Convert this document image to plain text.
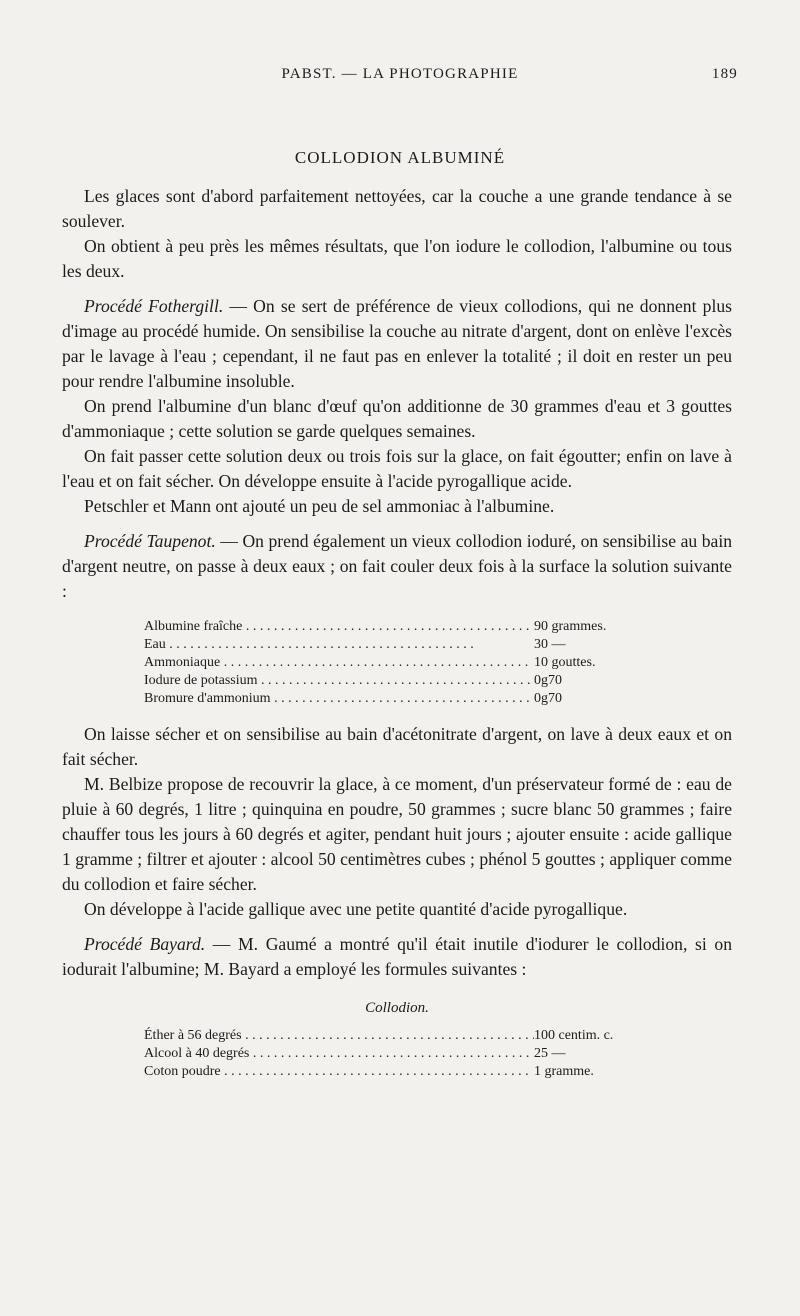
PABST. — LA PHOTOGRAPHIE	189
COLLODION ALBUMINÉ

Les glaces sont d'abord parfaitement nettoyées, car la couche a une grande tendance à se soulever.

On obtient à peu près les mêmes résultats, que l'on iodure le collodion, l'albumine ou tous les deux.

Procédé Fothergill. — On se sert de préférence de vieux collodions, qui ne donnent plus d'image au procédé humide. On sensibilise la couche au nitrate d'argent, dont on enlève l'excès par le lavage à l'eau ; cependant, il ne faut pas en enlever la totalité ; il doit en rester un peu pour rendre l'albumine insoluble.

On prend l'albumine d'un blanc d'œuf qu'on additionne de 30 grammes d'eau et 3 gouttes d'ammoniaque ; cette solution se garde quelques semaines.

On fait passer cette solution deux ou trois fois sur la glace, on fait égoutter; enfin on lave à l'eau et on fait sécher. On développe ensuite à l'acide pyrogallique acide.

Petschler et Mann ont ajouté un peu de sel ammoniac à l'albumine.

Procédé Taupenot. — On prend également un vieux collodion ioduré, on sensibilise au bain d'argent neutre, on passe à deux eaux ; on fait couler deux fois à la surface la solution suivante :

Albumine fraîche . . .	90 grammes.
Eau . . .	30 —
Ammoniaque . . .	10 gouttes.
Iodure de potassium . . .	0g70
Bromure d'ammonium . . .	0g70

On laisse sécher et on sensibilise au bain d'acétonitrate d'argent, on lave à deux eaux et on fait sécher.

M. Belbize propose de recouvrir la glace, à ce moment, d'un préservateur formé de : eau de pluie à 60 degrés, 1 litre ; quinquina en poudre, 50 grammes ; sucre blanc 50 grammes ; faire chauffer tous les jours à 60 degrés et agiter, pendant huit jours ; ajouter ensuite : acide gallique 1 gramme ; filtrer et ajouter : alcool 50 centimètres cubes ; phénol 5 gouttes ; appliquer comme du collodion et faire sécher.

On développe à l'acide gallique avec une petite quantité d'acide pyrogallique.

Procédé Bayard. — M. Gaumé a montré qu'il était inutile d'iodurer le collodion, si on iodurait l'albumine; M. Bayard a employé les formules suivantes :

Collodion.
Éther à 56 degrés . . .	100 centim. c.
Alcool à 40 degrés . . .	25 —
Coton poudre . . .	1 gramme.
